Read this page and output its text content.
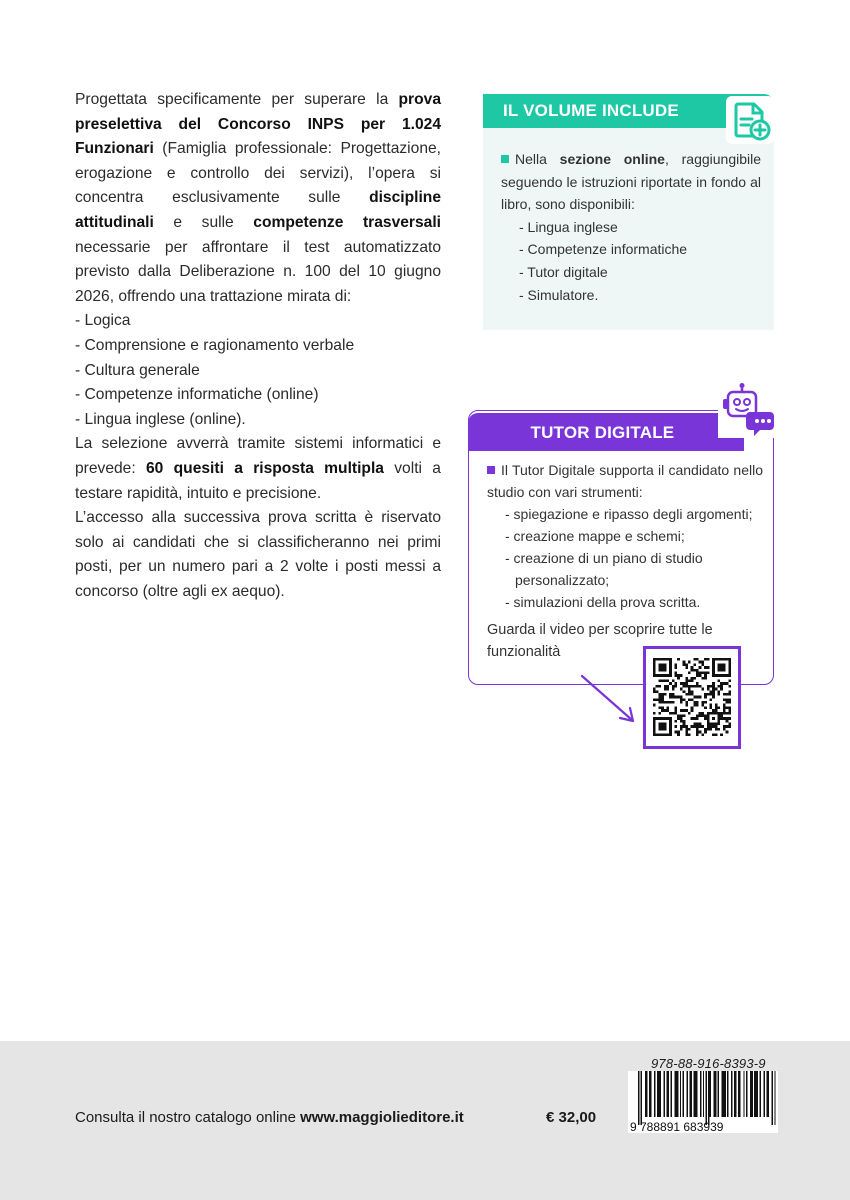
Progettata specificamente per superare la prova preselettiva del Concorso INPS per 1.024 Funzionari (Famiglia professionale: Progettazione, erogazione e controllo dei servizi), l’opera si concentra esclusivamente sulle discipline attitudinali e sulle competenze trasversali necessarie per affrontare il test automatizzato previsto dalla Deliberazione n. 100 del 10 giugno 2026, offrendo una trattazione mirata di:

- Logica
- Comprensione e ragionamento verbale
- Cultura generale
- Competenze informatiche (online)
- Lingua inglese (online).

La selezione avverrà tramite sistemi informatici e prevede: 60 quesiti a risposta multipla volti a testare rapidità, intuito e precisione.

L’accesso alla successiva prova scritta è riservato solo ai candidati che si classificheranno nei primi posti, per un numero pari a 2 volte i posti messi a concorso (oltre agli ex aequo).

Nella sezione online, raggiungibile seguendo le istruzioni riportate in fondo al libro, sono disponibili:
- Lingua inglese
- Competenze informatiche
- Tutor digitale
- Simulatore.
IL VOLUME INCLUDE
TUTOR DIGITALE
Il Tutor Digitale supporta il candidato nello studio con vari strumenti:
- spiegazione e ripasso degli argomenti;
- creazione mappe e schemi;
- creazione di un piano di studio personalizzato;
- simulazioni della prova scritta.
Guarda il video per scoprire tutte le funzionalità
Consulta il nostro catalogo online www.maggiolieditore.it	€ 32,00
978-88-916-8393-9
9 788891 683939
